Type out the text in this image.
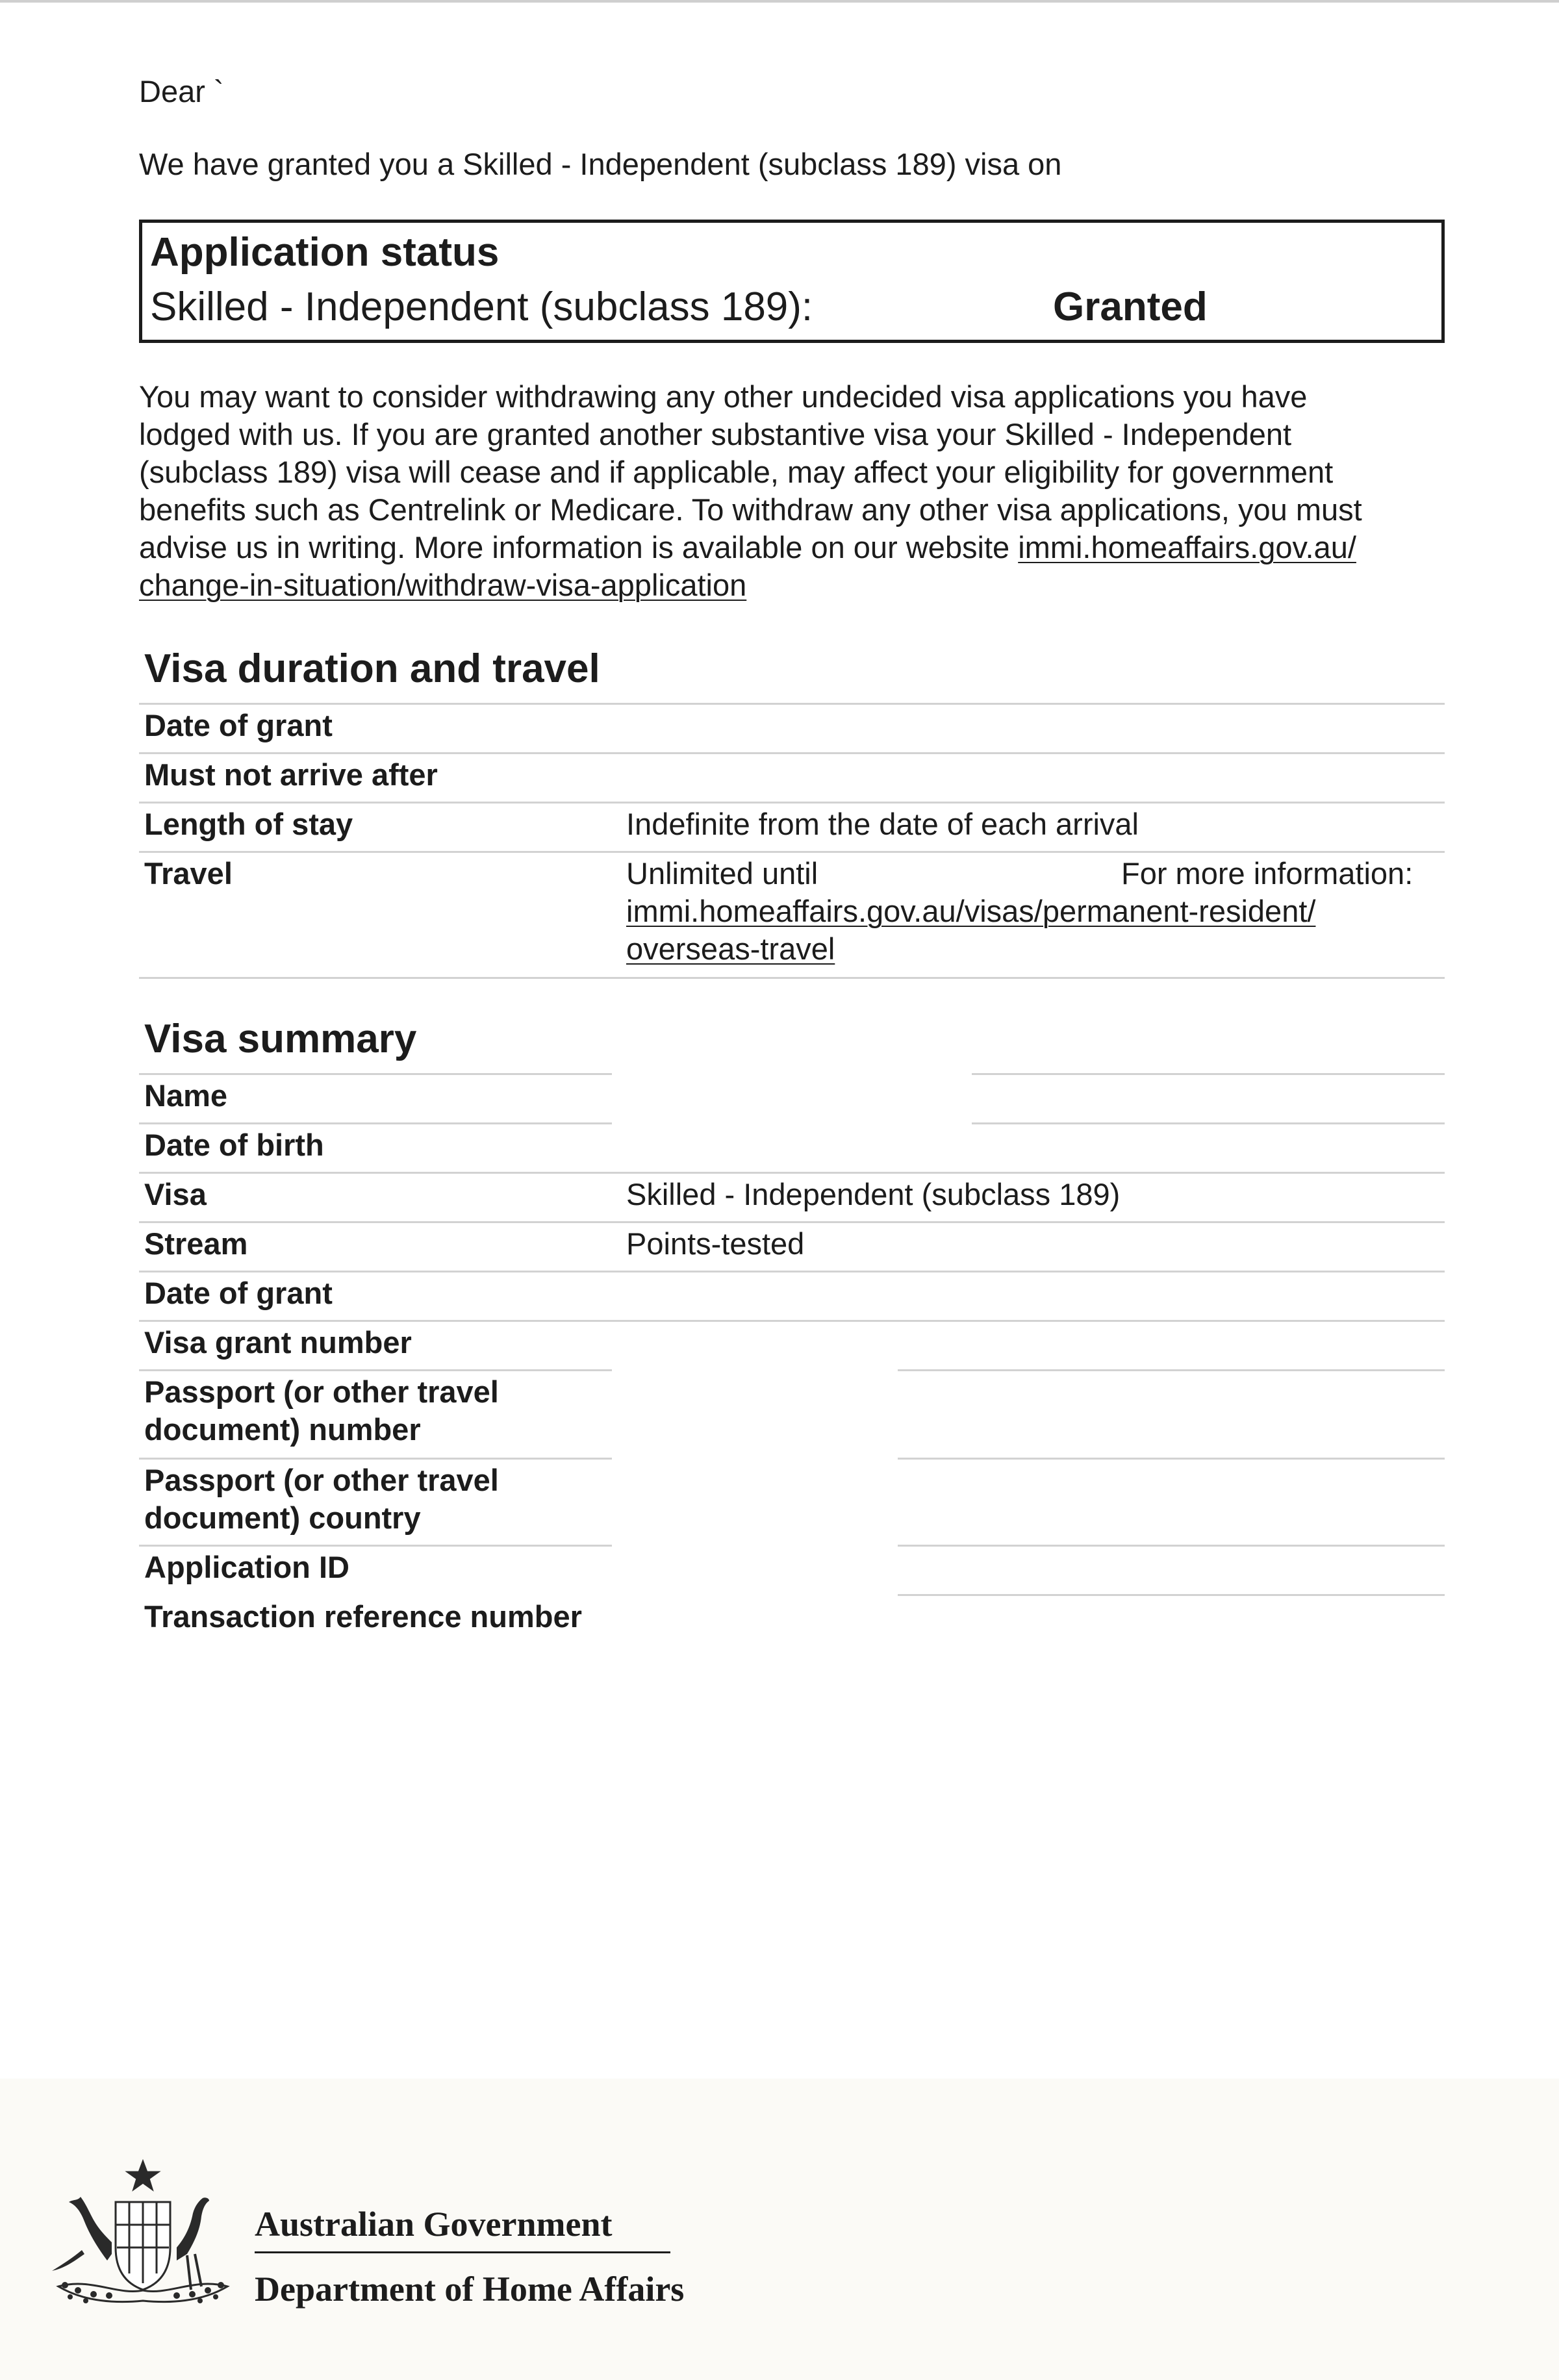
Dear `

We have granted you a Skilled - Independent (subclass 189) visa on

Application status
Skilled - Independent (subclass 189):	Granted

You may want to consider withdrawing any other undecided visa applications you have

lodged with us. If you are granted another substantive visa your Skilled - Independent

(subclass 189) visa will cease and if applicable, may affect your eligibility for government

benefits such as Centrelink or Medicare. To withdraw any other visa applications, you must

advise us in writing. More information is available on our website immi.homeaffairs.gov.au/

change-in-situation/withdraw-visa-application

Visa duration and travel
Date of grant
Must not arrive after
Length of stay	Indefinite from the date of each arrival
Travel	Unlimited until	For more information:
immi.homeaffairs.gov.au/visas/permanent-resident/
overseas-travel
Visa summary
Name
Date of birth
Visa	Skilled - Independent (subclass 189)
Stream	Points-tested
Date of grant
Visa grant number
Passport (or other travel
document) number
Passport (or other travel
document) country
Application ID
Transaction reference number
Australian Government
Department of Home Affairs
